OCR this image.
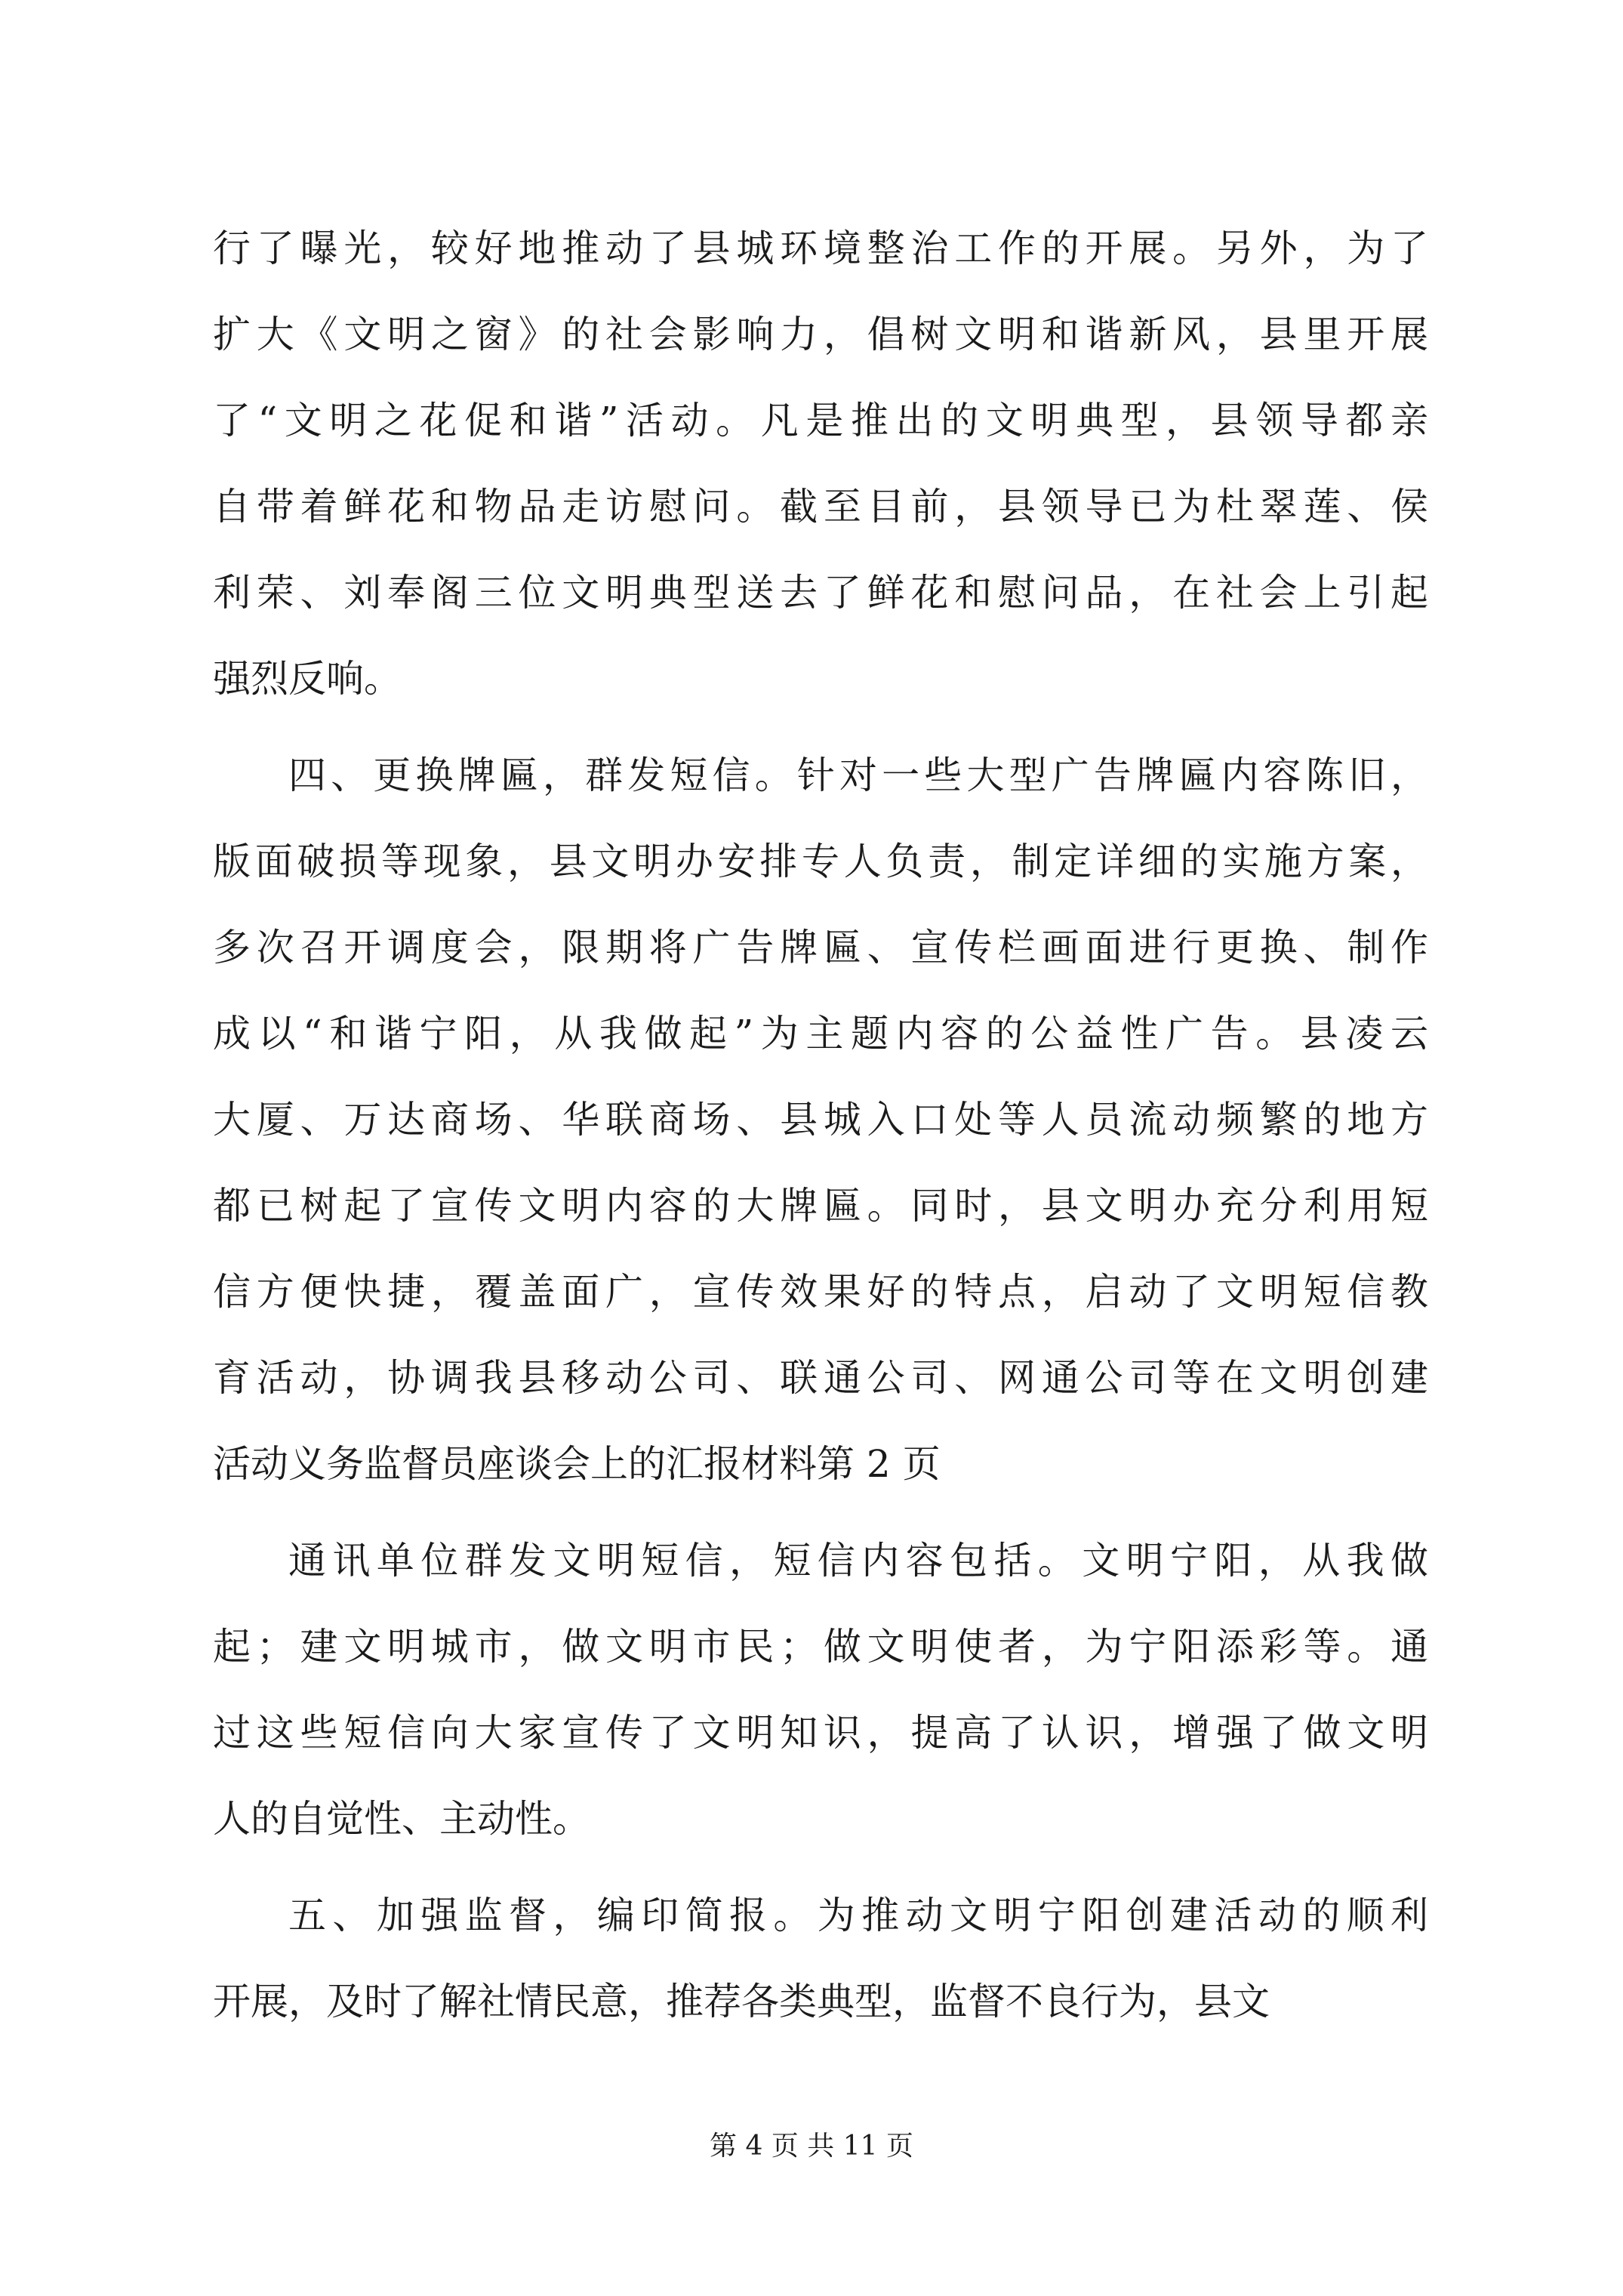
行了曝光，较好地推动了县城环境整治工作的开展。另外，为了
扩大《文明之窗》的社会影响力，倡树文明和谐新风，县里开展
了“文明之花促和谐”活动。凡是推出的文明典型，县领导都亲
自带着鲜花和物品走访慰问。截至目前，县领导已为杜翠莲、侯
利荣、刘奉阁三位文明典型送去了鲜花和慰问品，在社会上引起
强烈反响。
四、更换牌匾，群发短信。针对一些大型广告牌匾内容陈旧，
版面破损等现象，县文明办安排专人负责，制定详细的实施方案，
多次召开调度会，限期将广告牌匾、宣传栏画面进行更换、制作
成以“和谐宁阳，从我做起”为主题内容的公益性广告。县凌云
大厦、万达商场、华联商场、县城入口处等人员流动频繁的地方
都已树起了宣传文明内容的大牌匾。同时，县文明办充分利用短
信方便快捷，覆盖面广，宣传效果好的特点，启动了文明短信教
育活动，协调我县移动公司、联通公司、网通公司等在文明创建
活动义务监督员座谈会上的汇报材料第 2 页
通讯单位群发文明短信，短信内容包括。文明宁阳，从我做
起；建文明城市，做文明市民；做文明使者，为宁阳添彩等。通
过这些短信向大家宣传了文明知识，提高了认识，增强了做文明
人的自觉性、主动性。
五、加强监督，编印简报。为推动文明宁阳创建活动的顺利
开展，及时了解社情民意，推荐各类典型，监督不良行为，县文
第 4 页 共 11 页
